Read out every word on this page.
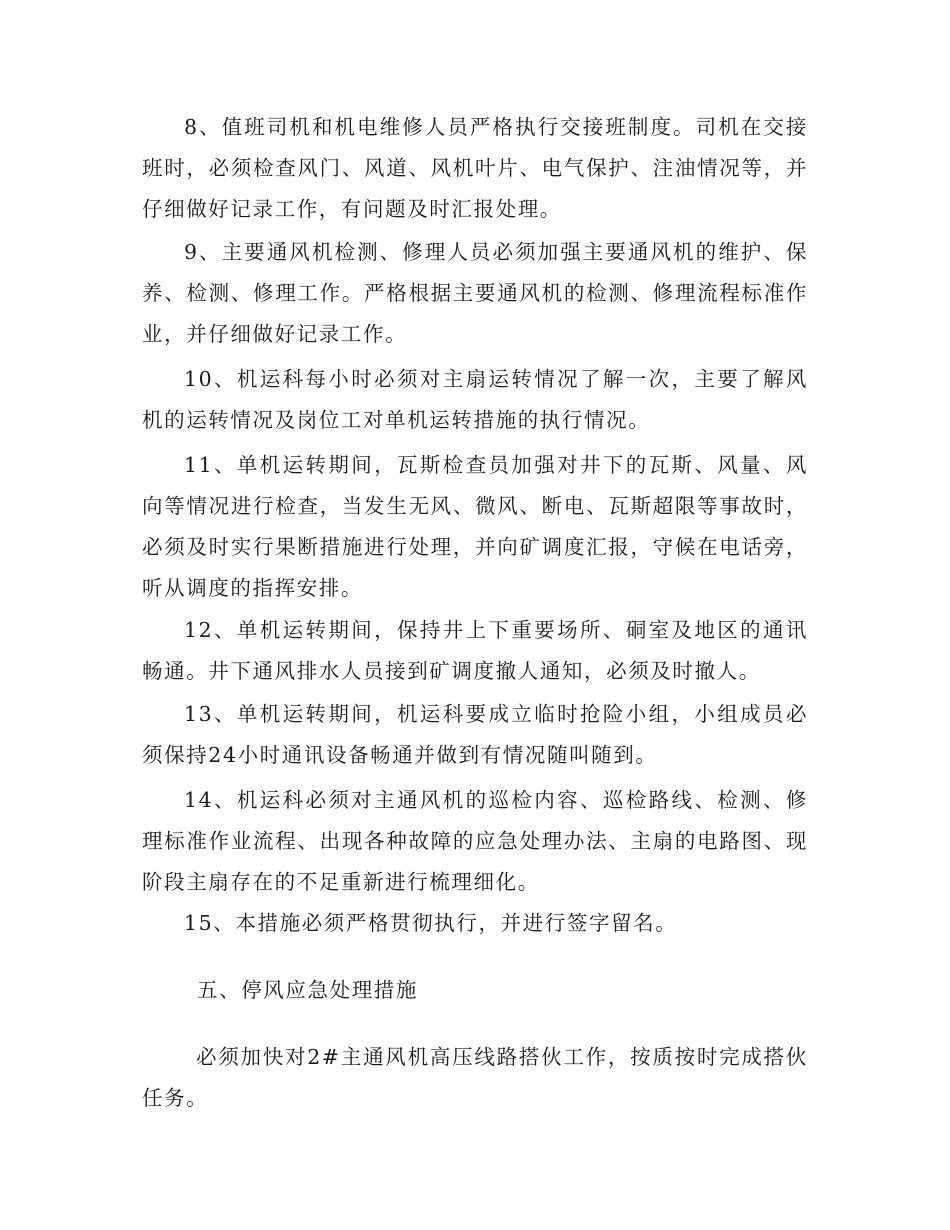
8、值班司机和机电维修人员严格执行交接班制度。司机在交接班时，必须检查风门、风道、风机叶片、电气保护、注油情况等，并仔细做好记录工作，有问题及时汇报处理。

9、主要通风机检测、修理人员必须加强主要通风机的维护、保养、检测、修理工作。严格根据主要通风机的检测、修理流程标准作业，并仔细做好记录工作。

10、机运科每小时必须对主扇运转情况了解一次，主要了解风机的运转情况及岗位工对单机运转措施的执行情况。

11、单机运转期间，瓦斯检查员加强对井下的瓦斯、风量、风向等情况进行检查，当发生无风、微风、断电、瓦斯超限等事故时，必须及时实行果断措施进行处理，并向矿调度汇报，守候在电话旁，听从调度的指挥安排。

12、单机运转期间，保持井上下重要场所、硐室及地区的通讯畅通。井下通风排水人员接到矿调度撤人通知，必须及时撤人。

13、单机运转期间，机运科要成立临时抢险小组，小组成员必须保持24小时通讯设备畅通并做到有情况随叫随到。

14、机运科必须对主通风机的巡检内容、巡检路线、检测、修理标准作业流程、出现各种故障的应急处理办法、主扇的电路图、现阶段主扇存在的不足重新进行梳理细化。

15、本措施必须严格贯彻执行，并进行签字留名。

五、停风应急处理措施

必须加快对2#主通风机高压线路搭伙工作，按质按时完成搭伙任务。
